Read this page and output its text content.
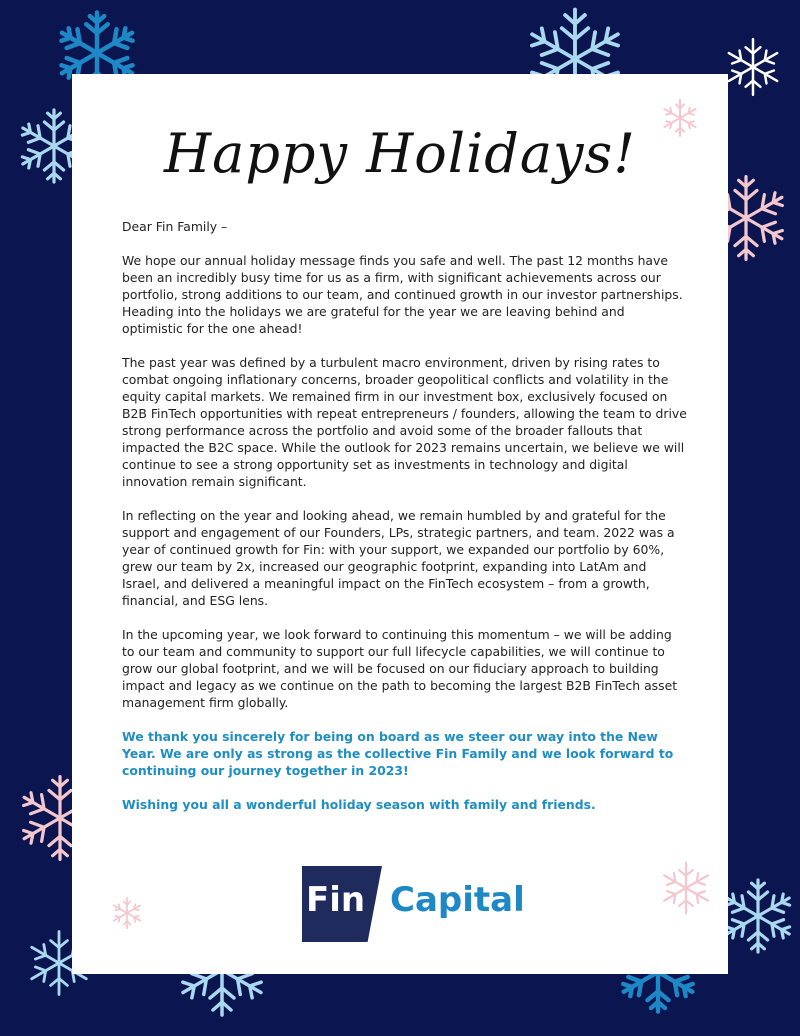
Happy Holidays!

Dear Fin Family –

We hope our annual holiday message finds you safe and well. The past 12 months have been an incredibly busy time for us as a firm, with significant achievements across our portfolio, strong additions to our team, and continued growth in our investor partnerships. Heading into the holidays we are grateful for the year we are leaving behind and optimistic for the one ahead!

The past year was defined by a turbulent macro environment, driven by rising rates to combat ongoing inflationary concerns, broader geopolitical conflicts and volatility in the equity capital markets. We remained firm in our investment box, exclusively focused on B2B FinTech opportunities with repeat entrepreneurs / founders, allowing the team to drive strong performance across the portfolio and avoid some of the broader fallouts that impacted the B2C space. While the outlook for 2023 remains uncertain, we believe we will continue to see a strong opportunity set as investments in technology and digital innovation remain significant.

In reflecting on the year and looking ahead, we remain humbled by and grateful for the support and engagement of our Founders, LPs, strategic partners, and team. 2022 was a year of continued growth for Fin: with your support, we expanded our portfolio by 60%, grew our team by 2x, increased our geographic footprint, expanding into LatAm and Israel, and delivered a meaningful impact on the FinTech ecosystem – from a growth, financial, and ESG lens.

In the upcoming year, we look forward to continuing this momentum – we will be adding to our team and community to support our full lifecycle capabilities, we will continue to grow our global footprint, and we will be focused on our fiduciary approach to building impact and legacy as we continue on the path to becoming the largest B2B FinTech asset management firm globally.

We thank you sincerely for being on board as we steer our way into the New Year. We are only as strong as the collective Fin Family and we look forward to continuing our journey together in 2023!

Wishing you all a wonderful holiday season with family and friends.

Fin Capital
